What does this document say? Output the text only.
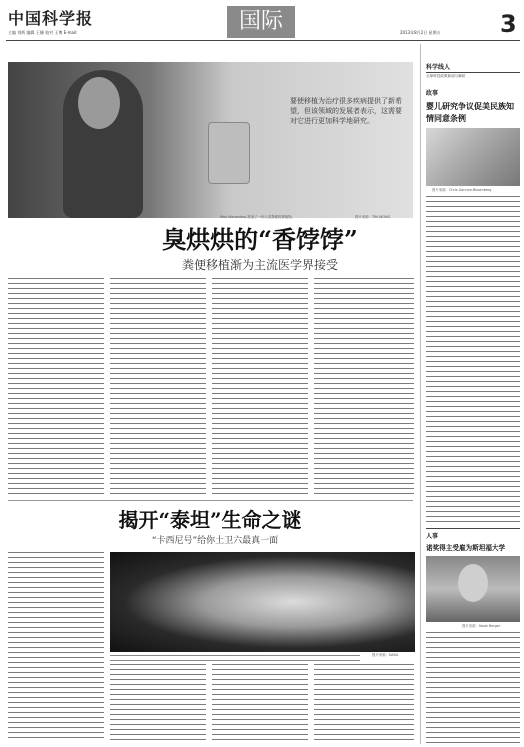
中国科学报
主编 刘辉 编辑 王姗 校对 王博 E-mail:	国际	2013年8月2日 星期五	3
要使移植为治疗很多疾病提供了新希望，但该领域的发展者表示，这需要对它进行更加科学地研究。
Max Nieuwdorp 准备了一份人类粪便的移植物。	图片来源：TIM WONG
臭烘烘的“香饽饽”
粪便移植渐为主流医学界接受
揭开“泰坦”生命之谜
“卡西尼号”给你土卫六最真一面
图片来源：NASA
科学线人
全球科技政策新闻与解析
政事
婴儿研究争议促美民族知情同意条例
图片来源：Chris Gannon-Bloomberg
人事
诺奖得主受雇为斯坦福大学
图片来源：Noah Berger
